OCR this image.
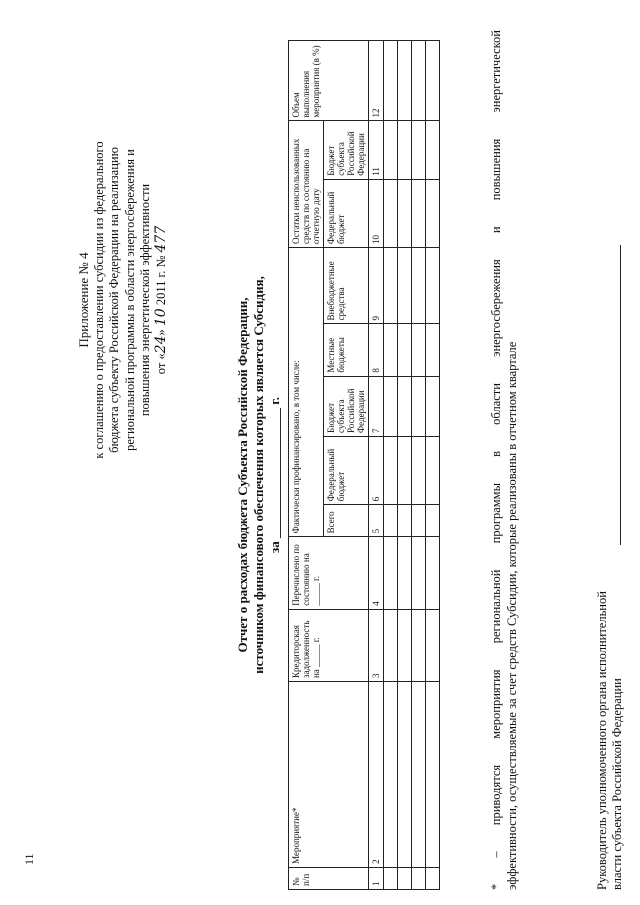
11
Приложение № 4 к соглашению о предоставлении субсидии из федерального бюджета субъекту Российской Федерации на реализацию региональной программы в области энергосбережения и повышения энергетической эффективности от «24» 10 2011 г. № 477
Отчет о расходах бюджета Субъекта Российской Федерации, источником финансового обеспечения которых является Субсидия, за ____________________ г.
№ п/п	Мероприятие*	Кредиторская задолженность на _____ г.	Перечислено по состоянию на _____ г.	Фактически профинансировано, в том числе:					Остатки неиспользованных средств по состоянию на отчетную дату		Объем выполнения мероприятия (в %)
				Всего	Федеральный бюджет	Бюджет субъекта Российской Федерации	Местные бюджеты	Внебюджетные средства	Федеральный бюджет	Бюджет субъекта Российской Федерации	
1	2	3	4	5	6	7	8	9	10	11	12

												* – приводятся мероприятия региональной программы в области энергосбережения и повышения энергетической эффективности, осуществляемые за счет средств Субсидии, которые реализованы в отчетном квартале	Руководитель уполномоченного органа исполнительной власти субъекта Российской Федерации
